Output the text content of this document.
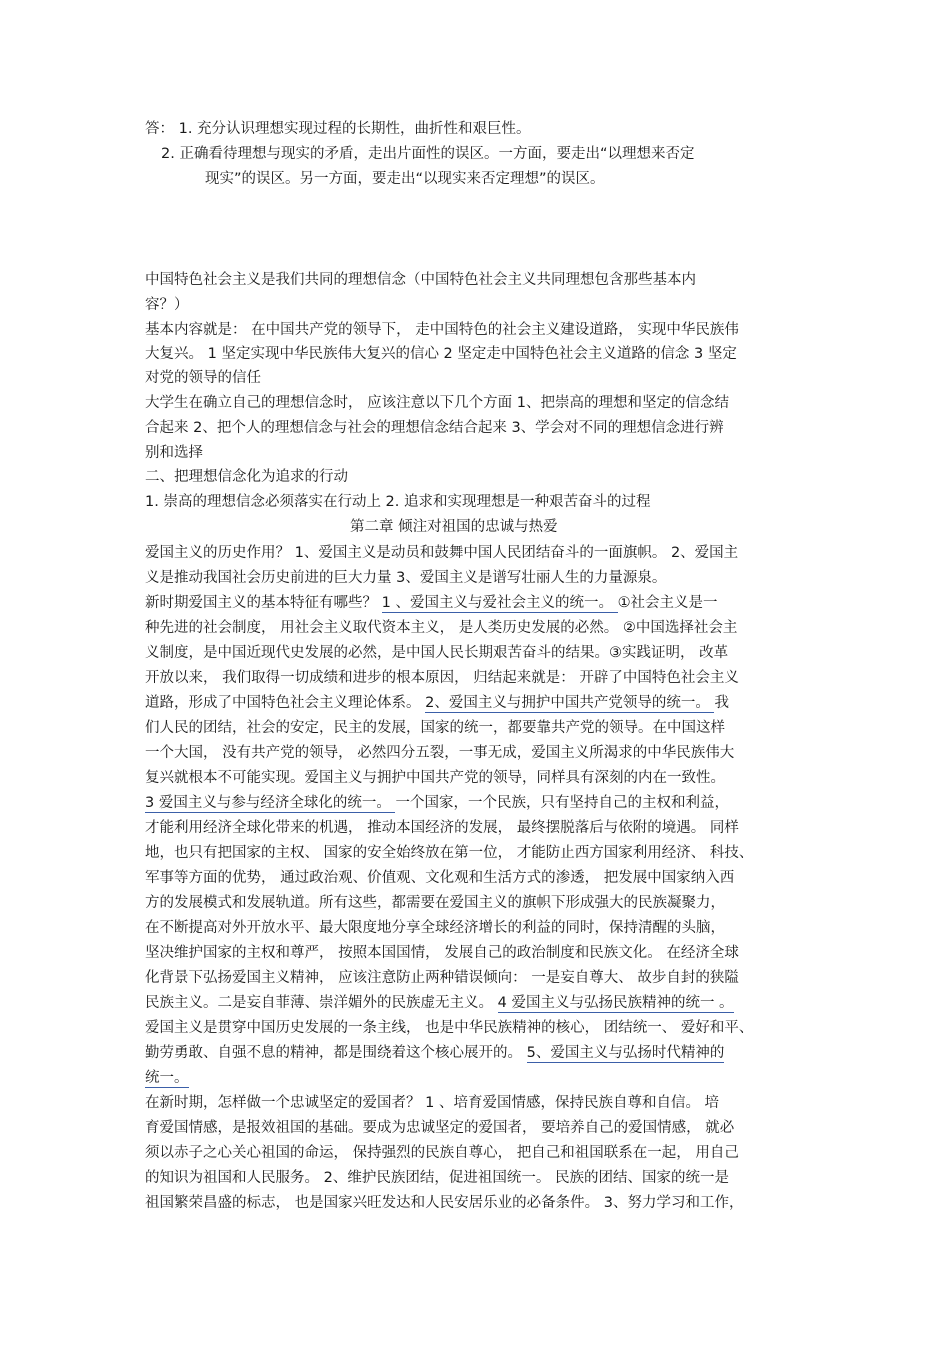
答： 1. 充分认识理想实现过程的长期性，曲折性和艰巨性。
2. 正确看待理想与现实的矛盾，走出片面性的误区。一方面，要走出“以理想来否定
现实”的误区。另一方面，要走出“以现实来否定理想”的误区。
中国特色社会主义是我们共同的理想信念（中国特色社会主义共同理想包含那些基本内
容？）
基本内容就是： 在中国共产党的领导下， 走中国特色的社会主义建设道路， 实现中华民族伟
大复兴。 1 坚定实现中华民族伟大复兴的信心 2 坚定走中国特色社会主义道路的信念 3 坚定
对党的领导的信任
大学生在确立自己的理想信念时， 应该注意以下几个方面 1、把崇高的理想和坚定的信念结
合起来 2、把个人的理想信念与社会的理想信念结合起来 3、学会对不同的理想信念进行辨
别和选择
二、把理想信念化为追求的行动
1. 崇高的理想信念必须落实在行动上 2. 追求和实现理想是一种艰苦奋斗的过程
第二章 倾注对祖国的忠诚与热爱
爱国主义的历史作用？ 1、爱国主义是动员和鼓舞中国人民团结奋斗的一面旗帜。 2、爱国主
义是推动我国社会历史前进的巨大力量 3、爱国主义是谱写壮丽人生的力量源泉。
新时期爱国主义的基本特征有哪些？ 1 、爱国主义与爱社会主义的统一。 ①社会主义是一
种先进的社会制度， 用社会主义取代资本主义， 是人类历史发展的必然。 ②中国选择社会主
义制度，是中国近现代史发展的必然，是中国人民长期艰苦奋斗的结果。③实践证明， 改革
开放以来， 我们取得一切成绩和进步的根本原因， 归结起来就是： 开辟了中国特色社会主义
道路，形成了中国特色社会主义理论体系。 2、爱国主义与拥护中国共产党领导的统一。 我
们人民的团结，社会的安定，民主的发展，国家的统一，都要靠共产党的领导。在中国这样
一个大国， 没有共产党的领导， 必然四分五裂，一事无成，爱国主义所渴求的中华民族伟大
复兴就根本不可能实现。爱国主义与拥护中国共产党的领导，同样具有深刻的内在一致性。
3 爱国主义与参与经济全球化的统一。 一个国家，一个民族，只有坚持自己的主权和利益，
才能利用经济全球化带来的机遇， 推动本国经济的发展， 最终摆脱落后与依附的境遇。 同样
地，也只有把国家的主权、 国家的安全始终放在第一位， 才能防止西方国家利用经济、 科技、
军事等方面的优势， 通过政治观、价值观、文化观和生活方式的渗透， 把发展中国家纳入西
方的发展模式和发展轨道。所有这些，都需要在爱国主义的旗帜下形成强大的民族凝聚力，
在不断提高对外开放水平、最大限度地分享全球经济增长的利益的同时，保持清醒的头脑，
坚决维护国家的主权和尊严， 按照本国国情， 发展自己的政治制度和民族文化。 在经济全球
化背景下弘扬爱国主义精神， 应该注意防止两种错误倾向： 一是妄自尊大、 故步自封的狭隘
民族主义。二是妄自菲薄、崇洋媚外的民族虚无主义。 4 爱国主义与弘扬民族精神的统一 。
爱国主义是贯穿中国历史发展的一条主线， 也是中华民族精神的核心， 团结统一、 爱好和平、
勤劳勇敢、自强不息的精神，都是围绕着这个核心展开的。 5、爱国主义与弘扬时代精神的
统一。
在新时期，怎样做一个忠诚坚定的爱国者？ 1 、培育爱国情感，保持民族自尊和自信。 培
育爱国情感，是报效祖国的基础。要成为忠诚坚定的爱国者， 要培养自己的爱国情感， 就必
须以赤子之心关心祖国的命运， 保持强烈的民族自尊心， 把自己和祖国联系在一起， 用自己
的知识为祖国和人民服务。 2、维护民族团结，促进祖国统一。 民族的团结、国家的统一是
祖国繁荣昌盛的标志， 也是国家兴旺发达和人民安居乐业的必备条件。 3、努力学习和工作，
